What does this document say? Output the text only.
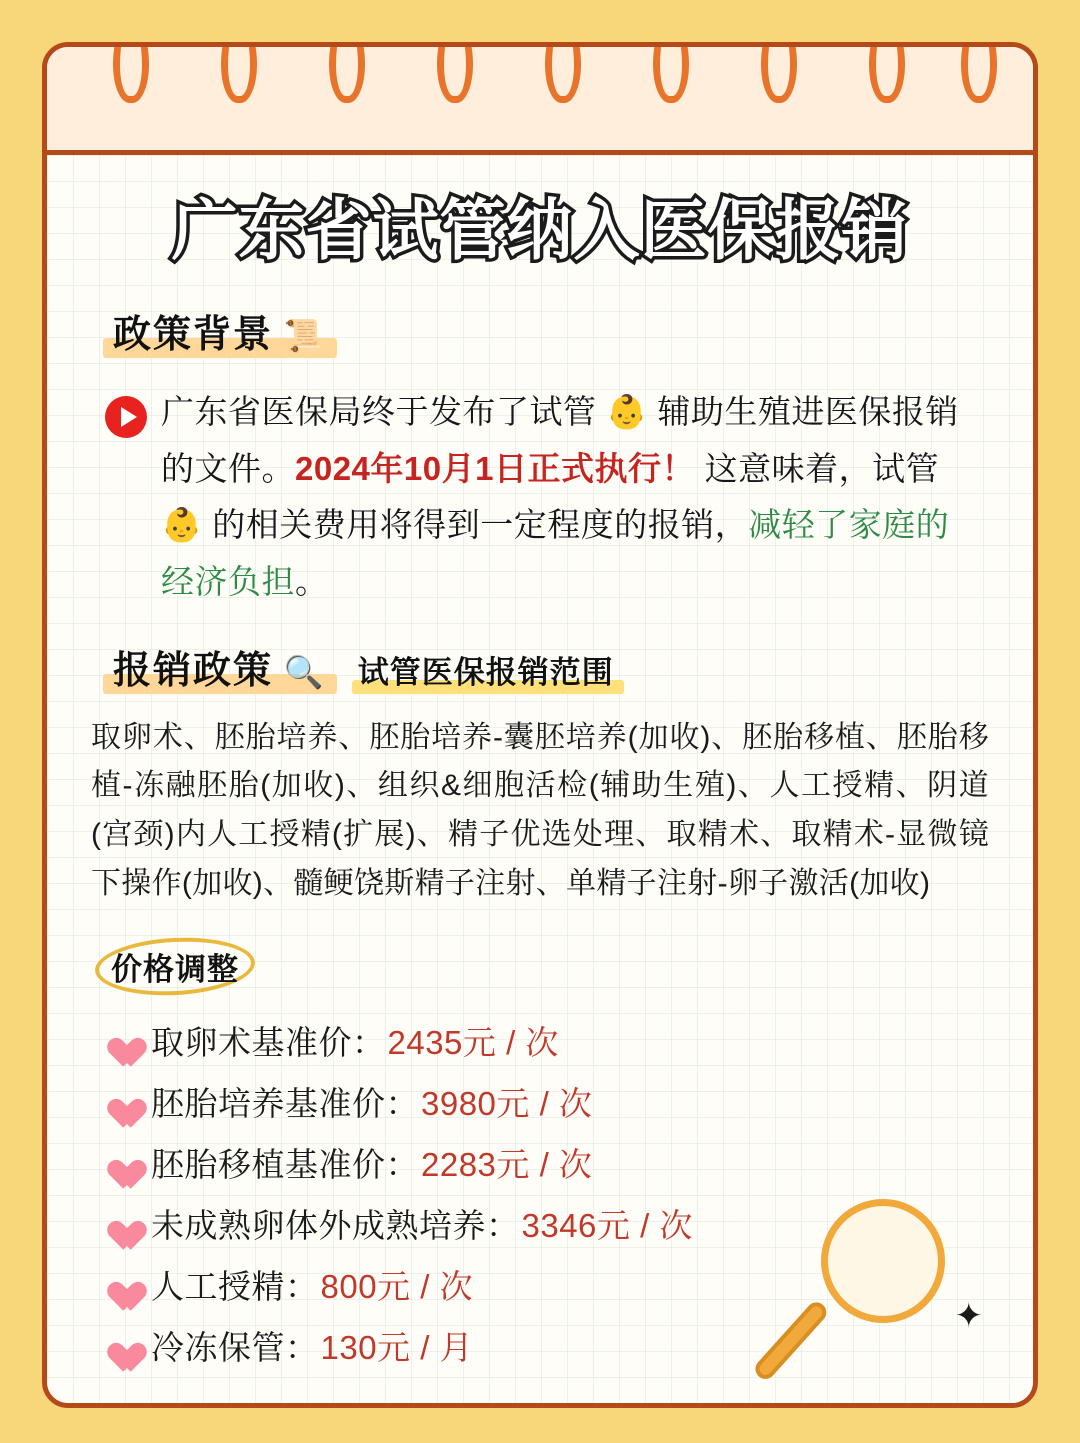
广东省试管纳入医保报销
政策背景 📜
广东省医保局终于发布了试管 👶 辅助生殖进医保报销的文件。2024年10月1日正式执行！ 这意味着，试管 👶 的相关费用将得到一定程度的报销，减轻了家庭的经济负担。
报销政策 🔍 试管医保报销范围

取卵术、胚胎培养、胚胎培养-囊胚培养(加收)、胚胎移植、胚胎移植-冻融胚胎(加收)、组织&细胞活检(辅助生殖)、人工授精、阴道(宫颈)内人工授精(扩展)、精子优选处理、取精术、取精术-显微镜下操作(加收)、髓鲠饶斯精子注射、单精子注射-卵子激活(加收)

价格调整
取卵术基准价： 2435元 / 次
胚胎培养基准价： 3980元 / 次
胚胎移植基准价： 2283元 / 次
未成熟卵体外成熟培养： 3346元 / 次
人工授精： 800元 / 次
冷冻保管： 130元 / 月
✦
